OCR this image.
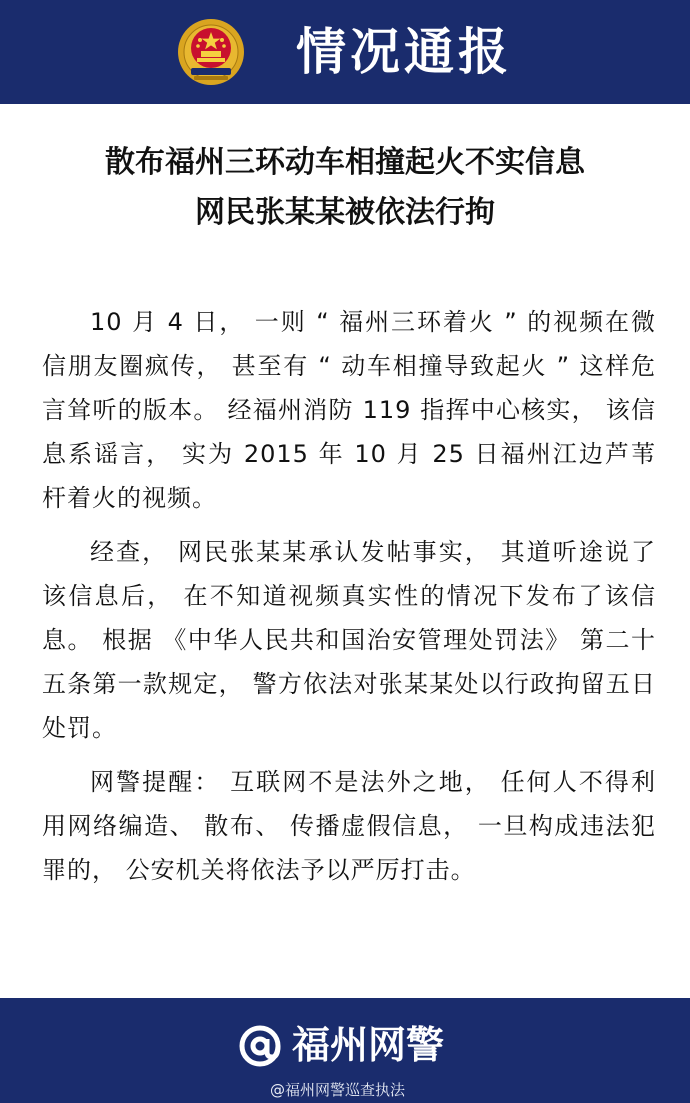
情况通报
散布福州三环动车相撞起火不实信息
网民张某某被依法行拘

10 月 4 日， 一则 “ 福州三环着火 ” 的视频在微信朋友圈疯传， 甚至有 “ 动车相撞导致起火 ” 这样危言耸听的版本。 经福州消防 119 指挥中心核实， 该信息系谣言， 实为 2015 年 10 月 25 日福州江边芦苇杆着火的视频。

经查， 网民张某某承认发帖事实， 其道听途说了该信息后， 在不知道视频真实性的情况下发布了该信息。 根据 《中华人民共和国治安管理处罚法》 第二十五条第一款规定， 警方依法对张某某处以行政拘留五日处罚。

网警提醒： 互联网不是法外之地， 任何人不得利用网络编造、 散布、 传播虚假信息， 一旦构成违法犯罪的， 公安机关将依法予以严厉打击。

福州网警
@福州网警巡查执法
